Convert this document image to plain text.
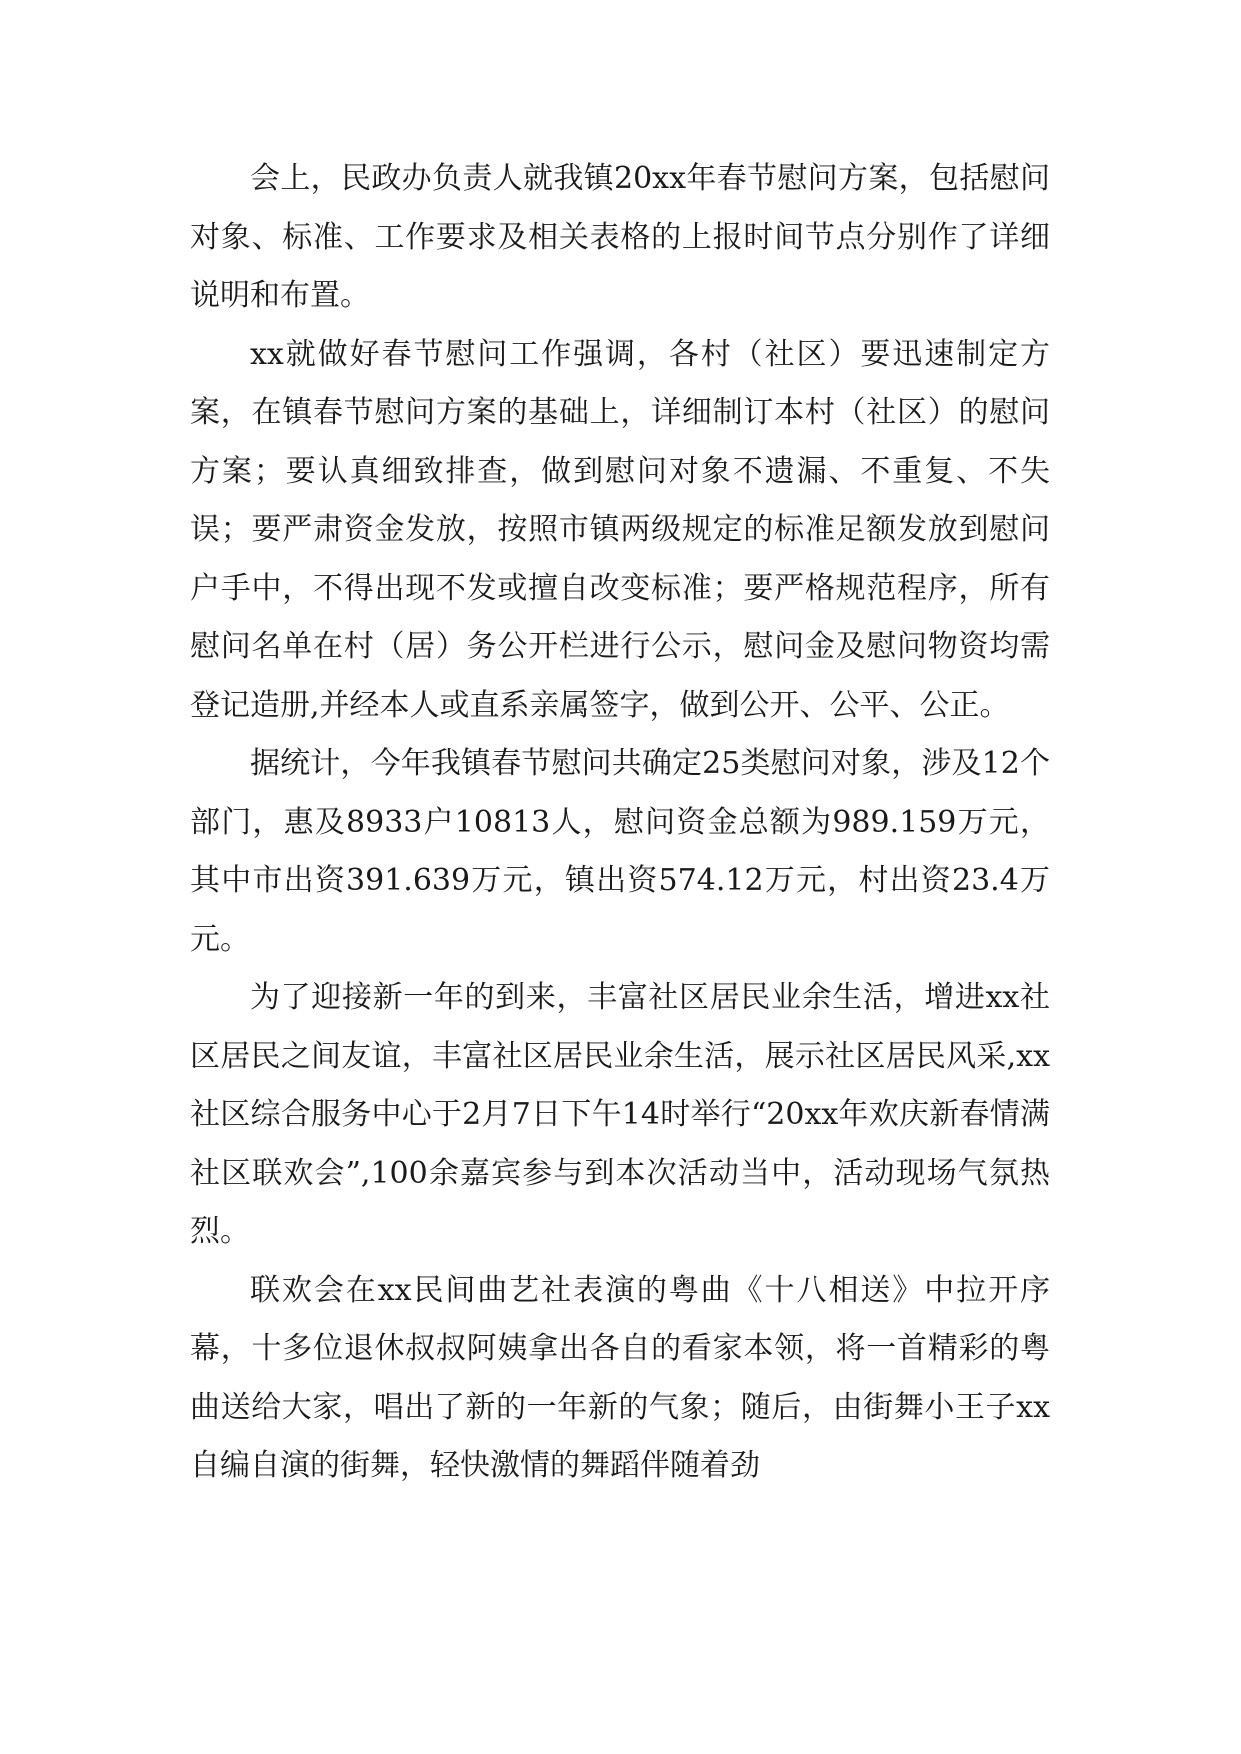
会上，民政办负责人就我镇20xx年春节慰问方案，包括慰问对象、标准、工作要求及相关表格的上报时间节点分别作了详细说明和布置。

xx就做好春节慰问工作强调，各村（社区）要迅速制定方案，在镇春节慰问方案的基础上，详细制订本村（社区）的慰问方案；要认真细致排查，做到慰问对象不遗漏、不重复、不失误；要严肃资金发放，按照市镇两级规定的标准足额发放到慰问户手中，不得出现不发或擅自改变标准；要严格规范程序，所有慰问名单在村（居）务公开栏进行公示，慰问金及慰问物资均需登记造册,并经本人或直系亲属签字，做到公开、公平、公正。

据统计，今年我镇春节慰问共确定25类慰问对象，涉及12个部门，惠及8933户10813人，慰问资金总额为989.159万元，其中市出资391.639万元，镇出资574.12万元，村出资23.4万元。

为了迎接新一年的到来，丰富社区居民业余生活，增进xx社区居民之间友谊，丰富社区居民业余生活，展示社区居民风采,xx社区综合服务中心于2月7日下午14时举行“20xx年欢庆新春情满社区联欢会”,100余嘉宾参与到本次活动当中，活动现场气氛热烈。

联欢会在xx民间曲艺社表演的粤曲《十八相送》中拉开序幕，十多位退休叔叔阿姨拿出各自的看家本领，将一首精彩的粤曲送给大家，唱出了新的一年新的气象；随后，由街舞小王子xx自编自演的街舞，轻快激情的舞蹈伴随着劲
